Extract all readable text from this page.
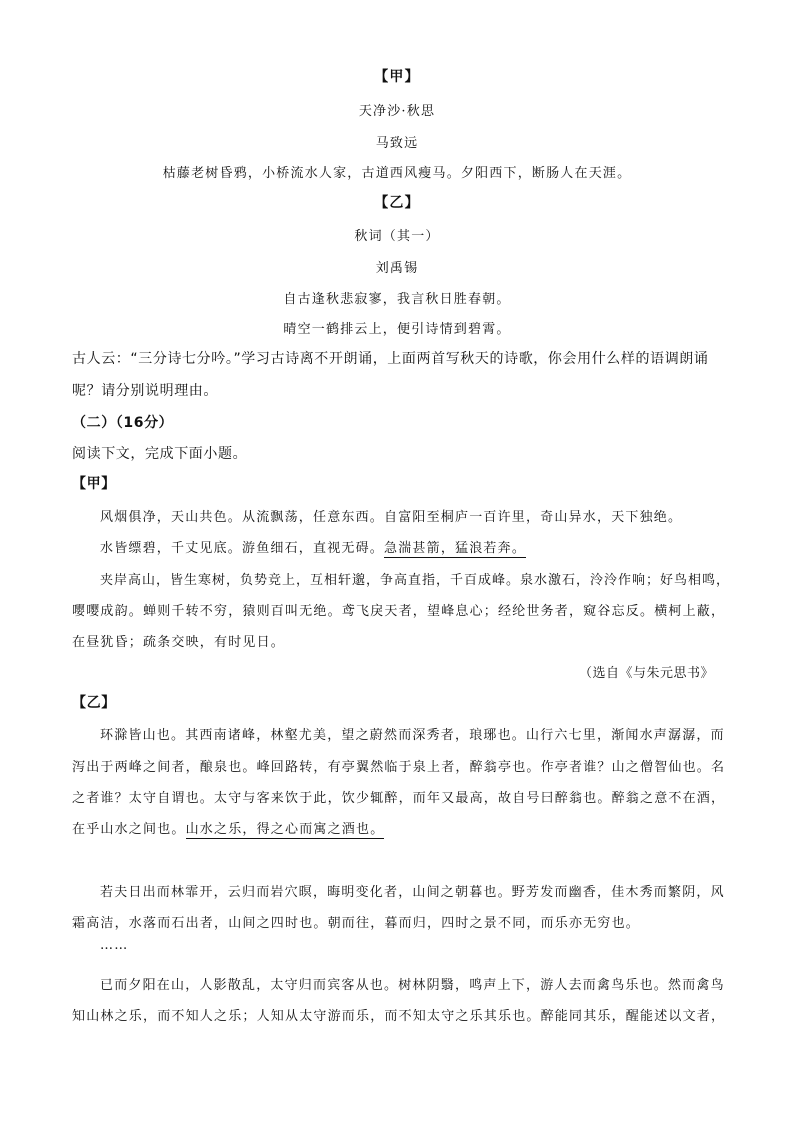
【甲】
天净沙·秋思
马致远
枯藤老树昏鸦，小桥流水人家，古道西风瘦马。夕阳西下，断肠人在天涯。
【乙】
秋词（其一）
刘禹锡
自古逢秋悲寂寥，我言秋日胜春朝。
晴空一鹤排云上，便引诗情到碧霄。
古人云：“三分诗七分吟。”学习古诗离不开朗诵，上面两首写秋天的诗歌，你会用什么样的语调朗诵
呢？请分别说明理由。
（二）（16分）
阅读下文，完成下面小题。
【甲】
风烟俱净，天山共色。从流飘荡，任意东西。自富阳至桐庐一百许里，奇山异水，天下独绝。
水皆缥碧，千丈见底。游鱼细石，直视无碍。急湍甚箭，猛浪若奔。
夹岸高山，皆生寒树，负势竞上，互相轩邈，争高直指，千百成峰。泉水激石，泠泠作响；好鸟相鸣，
嘤嘤成韵。蝉则千转不穷，猿则百叫无绝。鸢飞戾天者，望峰息心；经纶世务者，窥谷忘反。横柯上蔽，
在昼犹昏；疏条交映，有时见日。
（选自《与朱元思书》
【乙】
环滁皆山也。其西南诸峰，林壑尤美，望之蔚然而深秀者，琅琊也。山行六七里，渐闻水声潺潺，而
泻出于两峰之间者，酿泉也。峰回路转，有亭翼然临于泉上者，醉翁亭也。作亭者谁？山之僧智仙也。名
之者谁？太守自谓也。太守与客来饮于此，饮少辄醉，而年又最高，故自号曰醉翁也。醉翁之意不在酒，
在乎山水之间也。山水之乐，得之心而寓之酒也。
若夫日出而林霏开，云归而岩穴暝，晦明变化者，山间之朝暮也。野芳发而幽香，佳木秀而繁阴，风
霜高洁，水落而石出者，山间之四时也。朝而往，暮而归，四时之景不同，而乐亦无穷也。
……
已而夕阳在山，人影散乱，太守归而宾客从也。树林阴翳，鸣声上下，游人去而禽鸟乐也。然而禽鸟
知山林之乐，而不知人之乐；人知从太守游而乐，而不知太守之乐其乐也。醉能同其乐，醒能述以文者，
